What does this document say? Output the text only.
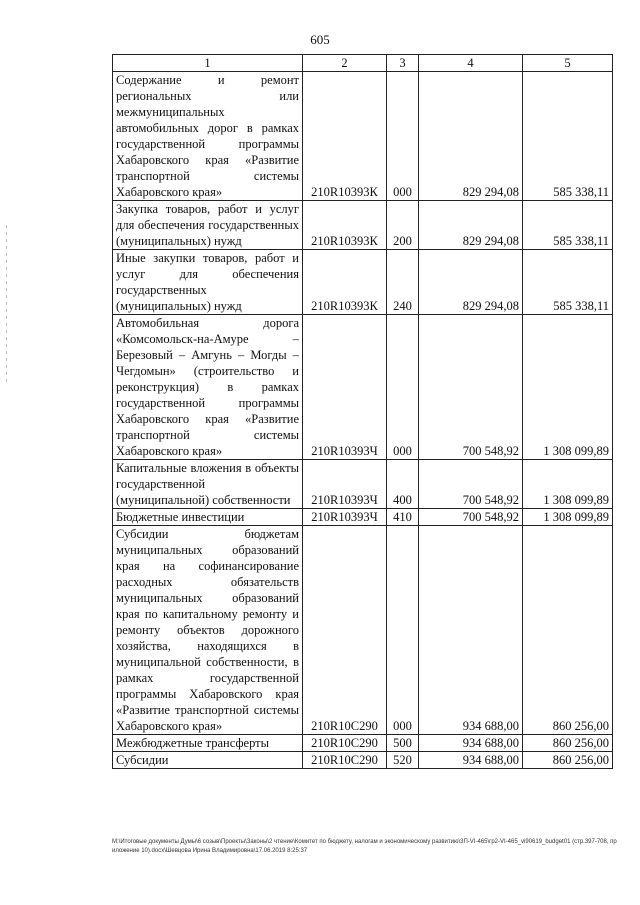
605
1	2	3	4	5
Содержание и ремонт региональных или межмуниципальных автомобильных дорог в рамках государственной программы Хабаровского края «Развитие транспортной системы Хабаровского края»	210R10393К	000	829 294,08	585 338,11
Закупка товаров, работ и услуг для обеспечения государственных (муниципальных) нужд	210R10393К	200	829 294,08	585 338,11
Иные закупки товаров, работ и услуг для обеспечения государственных (муниципальных) нужд	210R10393К	240	829 294,08	585 338,11
Автомобильная дорога «Комсомольск-на-Амуре – Березовый – Амгунь – Могды – Чегдомын» (строительство и реконструкция) в рамках государственной программы Хабаровского края «Развитие транспортной системы Хабаровского края»	210R10393Ч	000	700 548,92	1 308 099,89
Капитальные вложения в объекты государственной (муниципальной) собственности	210R10393Ч	400	700 548,92	1 308 099,89
Бюджетные инвестиции	210R10393Ч	410	700 548,92	1 308 099,89
Субсидии бюджетам муниципальных образований края на софинансирование расходных обязательств муниципальных образований края по капитальному ремонту и ремонту объектов дорожного хозяйства, находящихся в муниципальной собственности, в рамках государственной программы Хабаровского края «Развитие транспортной системы Хабаровского края»	210R10С290	000	934 688,00	860 256,00
Межбюджетные трансферты	210R10С290	500	934 688,00	860 256,00
Субсидии	210R10С290	520	934 688,00	860 256,00
M:\Итоговые документы Думы\6 созыв\Проекты\Законы\2 чтение\Комитет по бюджету, налогам и экономическому развитию\3П-VI-465\гр2-VI-465_vi90619_budget01 (стр.397-708, приложение 10).docx\Шевцова Ирина Владимировна\17.06.2019 8:25:37
